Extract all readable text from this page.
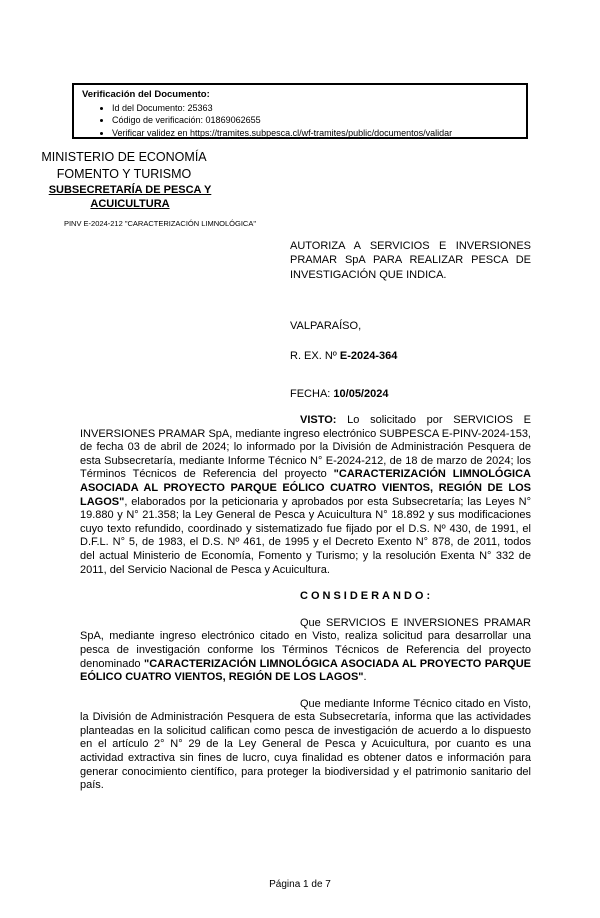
Verificación del Documento:
• Id del Documento: 25363
• Código de verificación: 01869062655
• Verificar validez en https://tramites.subpesca.cl/wf-tramites/public/documentos/validar
MINISTERIO DE ECONOMÍA
FOMENTO Y TURISMO
SUBSECRETARÍA DE PESCA Y
ACUICULTURA
PINV E-2024-212 "CARACTERIZACIÓN LIMNOLÓGICA"
AUTORIZA A SERVICIOS E INVERSIONES PRAMAR SpA PARA REALIZAR PESCA DE INVESTIGACIÓN QUE INDICA.
VALPARAÍSO,
R. EX. Nº E-2024-364
FECHA: 10/05/2024

VISTO: Lo solicitado por SERVICIOS E INVERSIONES PRAMAR SpA, mediante ingreso electrónico SUBPESCA E-PINV-2024-153, de fecha 03 de abril de 2024; lo informado por la División de Administración Pesquera de esta Subsecretaría, mediante Informe Técnico N° E-2024-212, de 18 de marzo de 2024; los Términos Técnicos de Referencia del proyecto "CARACTERIZACIÓN LIMNOLÓGICA ASOCIADA AL PROYECTO PARQUE EÓLICO CUATRO VIENTOS, REGIÓN DE LOS LAGOS", elaborados por la peticionaria y aprobados por esta Subsecretaría; las Leyes N° 19.880 y N° 21.358; la Ley General de Pesca y Acuicultura N° 18.892 y sus modificaciones cuyo texto refundido, coordinado y sistematizado fue fijado por el D.S. Nº 430, de 1991, el D.F.L. N° 5, de 1983, el D.S. Nº 461, de 1995 y el Decreto Exento N° 878, de 2011, todos del actual Ministerio de Economía, Fomento y Turismo; y la resolución Exenta N° 332 de 2011, del Servicio Nacional de Pesca y Acuicultura.

CONSIDERANDO:

Que SERVICIOS E INVERSIONES PRAMAR SpA, mediante ingreso electrónico citado en Visto, realiza solicitud para desarrollar una pesca de investigación conforme los Términos Técnicos de Referencia del proyecto denominado "CARACTERIZACIÓN LIMNOLÓGICA ASOCIADA AL PROYECTO PARQUE EÓLICO CUATRO VIENTOS, REGIÓN DE LOS LAGOS".

Que mediante Informe Técnico citado en Visto, la División de Administración Pesquera de esta Subsecretaría, informa que las actividades planteadas en la solicitud califican como pesca de investigación de acuerdo a lo dispuesto en el artículo 2° N° 29 de la Ley General de Pesca y Acuicultura, por cuanto es una actividad extractiva sin fines de lucro, cuya finalidad es obtener datos e información para generar conocimiento científico, para proteger la biodiversidad y el patrimonio sanitario del país.

Página 1 de 7
